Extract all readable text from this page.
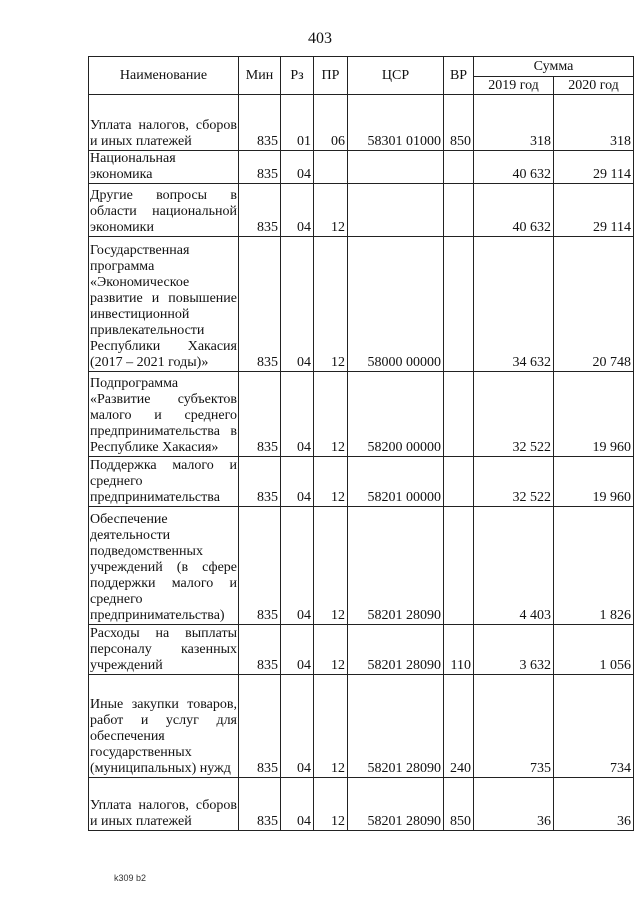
403
Наименование	Мин	Рз	ПР	ЦСР	ВР	Сумма	
						2019 год	2020 год
Уплата налогов, сборов и иных платежей	835	01	06	58301 01000	850	318	318
Национальная экономика	835	04				40 632	29 114
Другие вопросы в области национальной экономики	835	04	12			40 632	29 114
Государственная программа «Экономическое развитие и повышение инвестиционной привлекательности Республики Хакасия (2017 – 2021 годы)»	835	04	12	58000 00000		34 632	20 748
Подпрограмма «Развитие субъектов малого и среднего предпринимательства в Республике Хакасия»	835	04	12	58200 00000		32 522	19 960
Поддержка малого и среднего предпринимательства	835	04	12	58201 00000		32 522	19 960
Обеспечение деятельности подведомственных учреждений (в сфере поддержки малого и среднего предпринимательства)	835	04	12	58201 28090		4 403	1 826
Расходы на выплаты персоналу казенных учреждений	835	04	12	58201 28090	110	3 632	1 056
Иные закупки товаров, работ и услуг для обеспечения государственных (муниципальных) нужд	835	04	12	58201 28090	240	735	734
Уплата налогов, сборов и иных платежей	835	04	12	58201 28090	850	36	36
k309 b2
